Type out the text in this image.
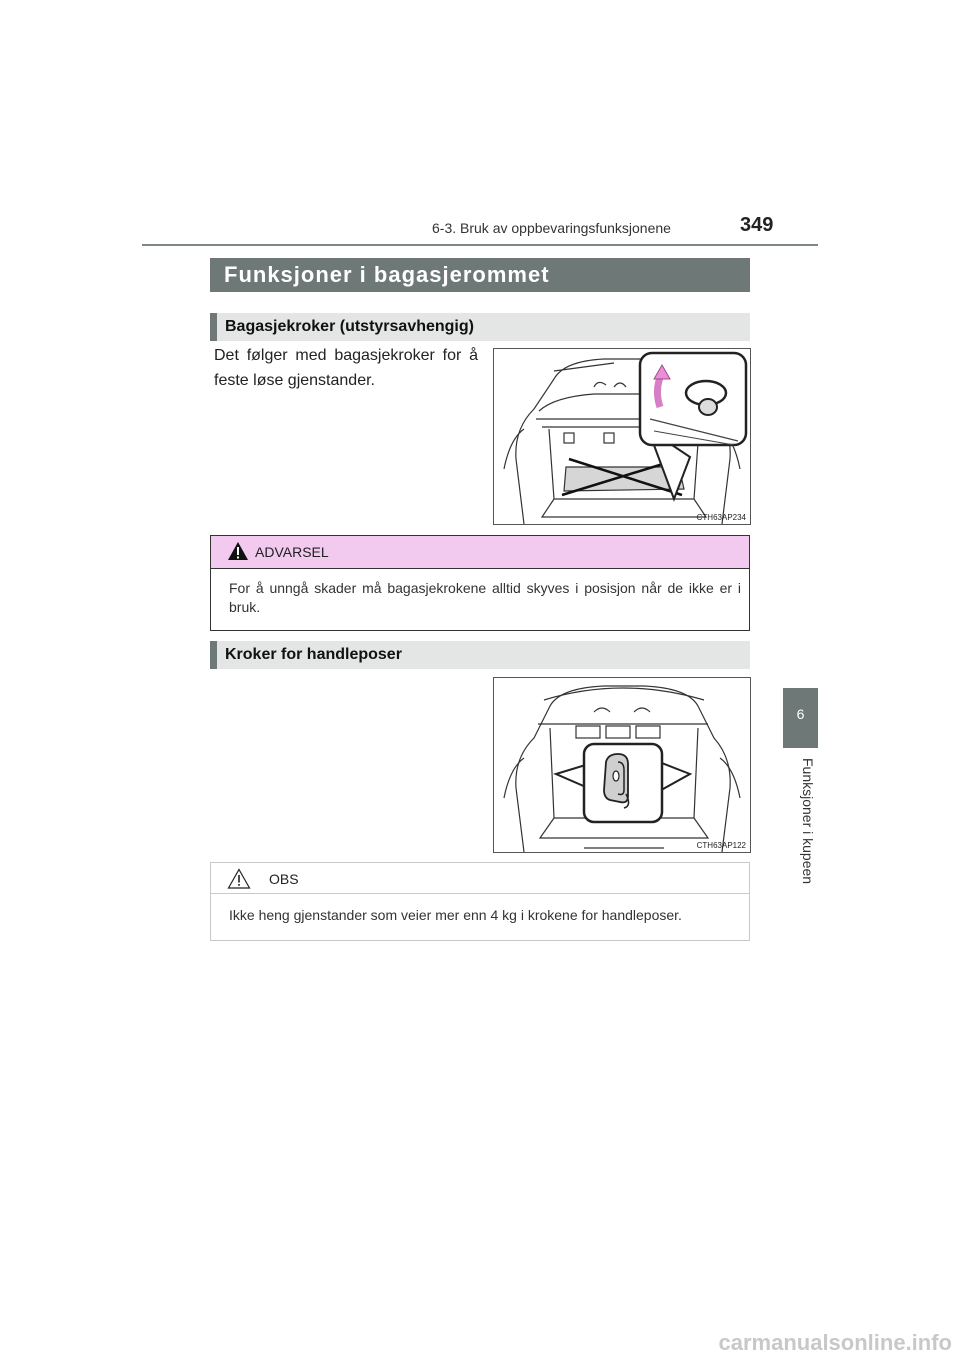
6-3. Bruk av oppbevaringsfunksjonene	349
6
Funksjoner i kupeen
Funksjoner i bagasjerommet
Bagasjekroker (utstyrsavhengig)
Det følger med bagasjekroker for å feste løse gjenstander.
CTH63AP234
ADVARSEL
For å unngå skader må bagasjekrokene alltid skyves i posisjon når de ikke er i bruk.
Kroker for handleposer
CTH63AP122
OBS
Ikke heng gjenstander som veier mer enn 4 kg i krokene for handleposer.
carmanualsonline.info
